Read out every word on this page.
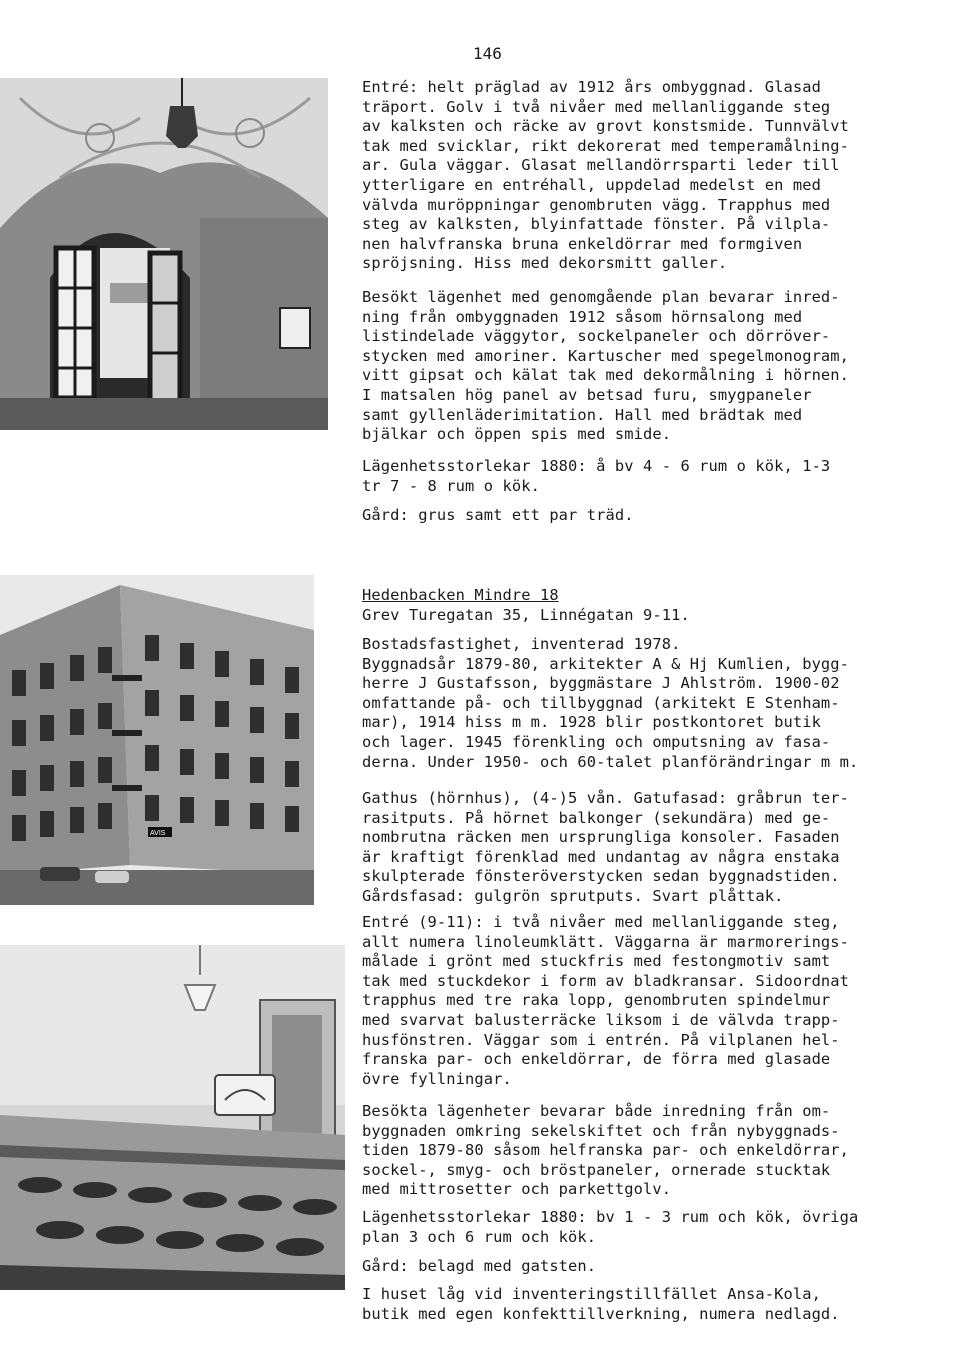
146
AVIS

Entré: helt präglad av 1912 års ombyggnad. Glasad

träport. Golv i två nivåer med mellanliggande steg

av kalksten och räcke av grovt konstsmide. Tunnvälvt

tak med svicklar, rikt dekorerat med temperamålning-

ar. Gula väggar. Glasat mellandörrsparti leder till

ytterligare en entréhall, uppdelad medelst en med

välvda muröppningar genombruten vägg. Trapphus med

steg av kalksten, blyinfattade fönster. På vilpla-

nen halvfranska bruna enkeldörrar med formgiven

spröjsning. Hiss med dekorsmitt galler.

Besökt lägenhet med genomgående plan bevarar inred-

ning från ombyggnaden 1912 såsom hörnsalong med

listindelade väggytor, sockelpaneler och dörröver-

stycken med amoriner. Kartuscher med spegelmonogram,

vitt gipsat och kälat tak med dekormålning i hörnen.

I matsalen hög panel av betsad furu, smygpaneler

samt gyllenläderimitation. Hall med brädtak med

bjälkar och öppen spis med smide.

Lägenhetsstorlekar 1880: å bv 4 - 6 rum o kök, 1-3

tr 7 - 8 rum o kök.

Gård: grus samt ett par träd.

Hedenbacken Mindre 18

Grev Turegatan 35, Linnégatan 9-11.

Bostadsfastighet, inventerad 1978.

Byggnadsår 1879-80, arkitekter A & Hj Kumlien, bygg-

herre J Gustafsson, byggmästare J Ahlström. 1900-02

omfattande på- och tillbyggnad (arkitekt E Stenham-

mar), 1914 hiss m m. 1928 blir postkontoret butik

och lager. 1945 förenkling och omputsning av fasa-

derna. Under 1950- och 60-talet planförändringar m m.

Gathus (hörnhus), (4-)5 vån. Gatufasad: gråbrun ter-

rasitputs. På hörnet balkonger (sekundära) med ge-

nombrutna räcken men ursprungliga konsoler. Fasaden

är kraftigt förenklad med undantag av några enstaka

skulpterade fönsteröverstycken sedan byggnadstiden.

Gårdsfasad: gulgrön sprutputs. Svart plåttak.

Entré (9-11): i två nivåer med mellanliggande steg,

allt numera linoleumklätt. Väggarna är marmorerings-

målade i grönt med stuckfris med festongmotiv samt

tak med stuckdekor i form av bladkransar. Sidoordnat

trapphus med tre raka lopp, genombruten spindelmur

med svarvat balusterräcke liksom i de välvda trapp-

husfönstren. Väggar som i entrén. På vilplanen hel-

franska par- och enkeldörrar, de förra med glasade

övre fyllningar.

Besökta lägenheter bevarar både inredning från om-

byggnaden omkring sekelskiftet och från nybyggnads-

tiden 1879-80 såsom helfranska par- och enkeldörrar,

sockel-, smyg- och bröstpaneler, ornerade stucktak

med mittrosetter och parkettgolv.

Lägenhetsstorlekar 1880: bv 1 - 3 rum och kök, övriga

plan 3 och 6 rum och kök.

Gård: belagd med gatsten.

I huset låg vid inventeringstillfället Ansa-Kola,

butik med egen konfekttillverkning, numera nedlagd.
